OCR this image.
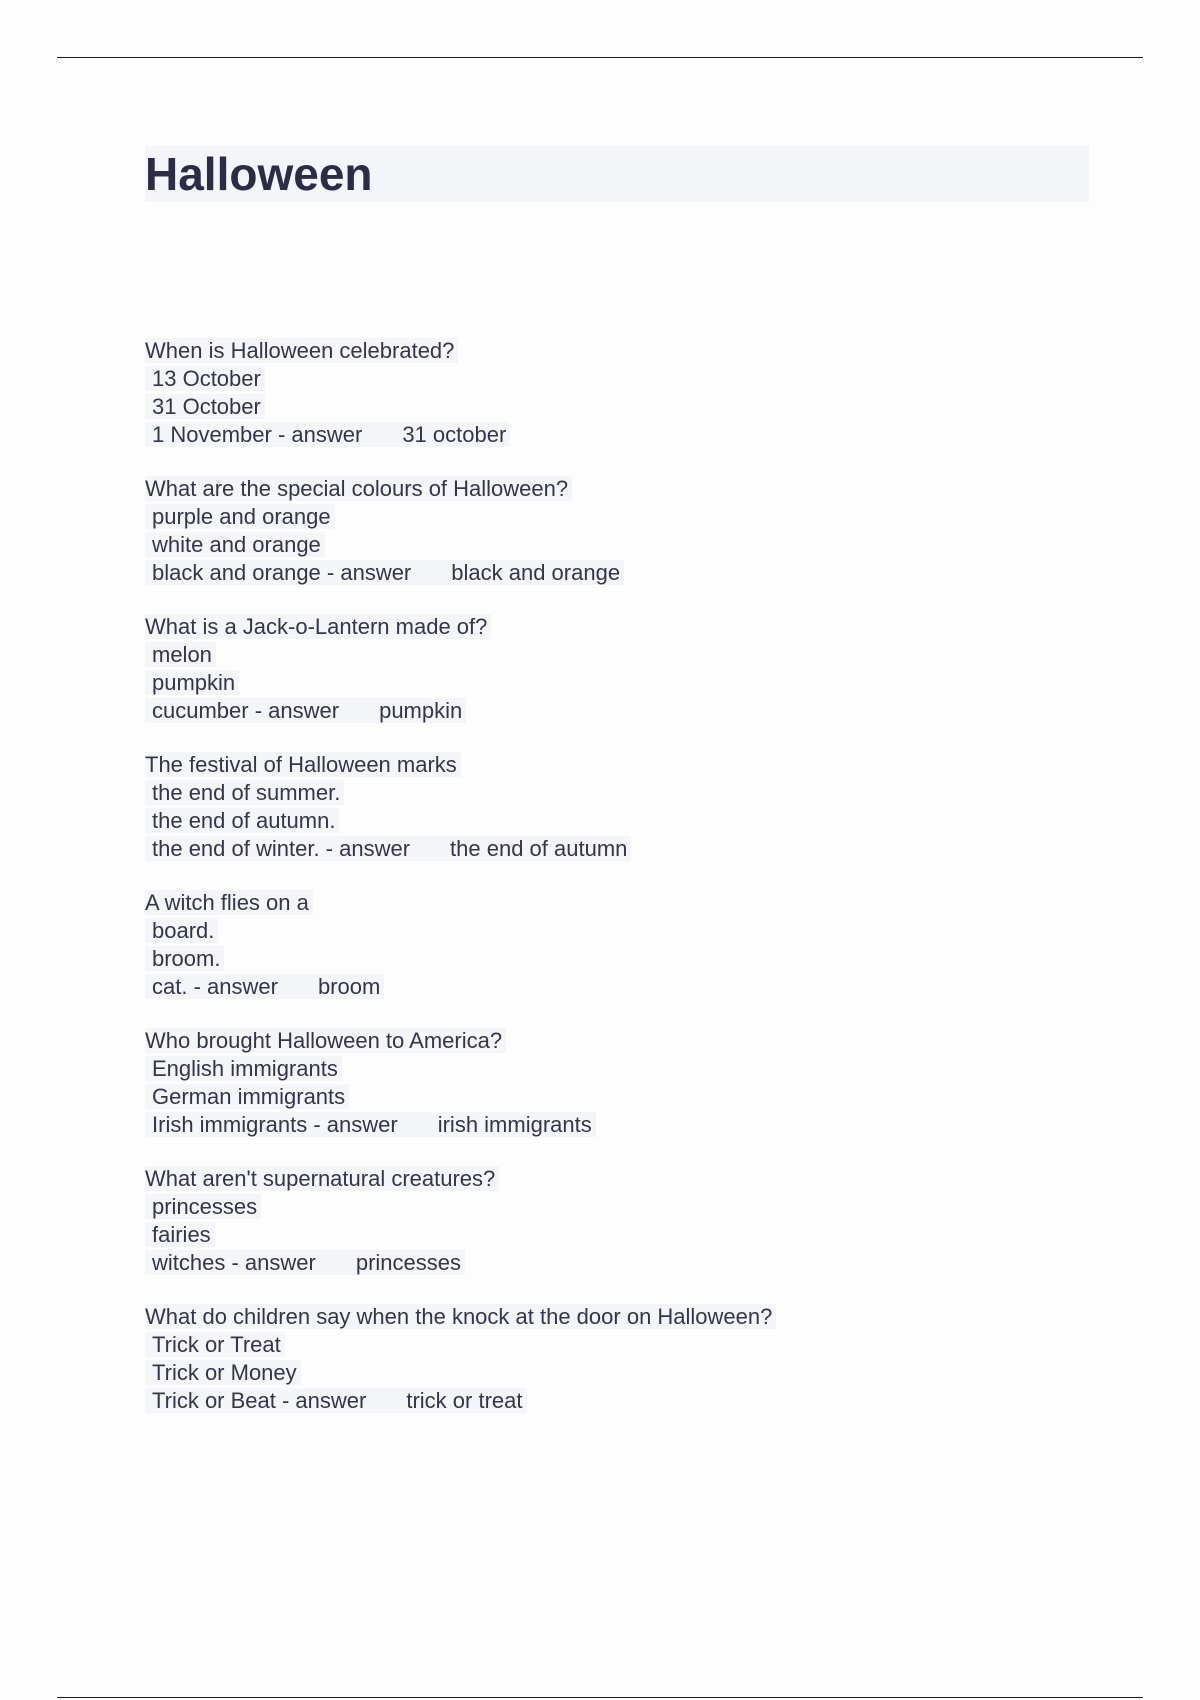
Halloween
When is Halloween celebrated?
13 October
31 October
1 November - answer 31 october
What are the special colours of Halloween?
purple and orange
white and orange
black and orange - answer black and orange
What is a Jack-o-Lantern made of?
melon
pumpkin
cucumber - answer pumpkin
The festival of Halloween marks
the end of summer.
the end of autumn.
the end of winter. - answer the end of autumn
A witch flies on a
board.
broom.
cat. - answer broom
Who brought Halloween to America?
English immigrants
German immigrants
Irish immigrants - answer irish immigrants
What aren't supernatural creatures?
princesses
fairies
witches - answer princesses
What do children say when the knock at the door on Halloween?
Trick or Treat
Trick or Money
Trick or Beat - answer trick or treat
